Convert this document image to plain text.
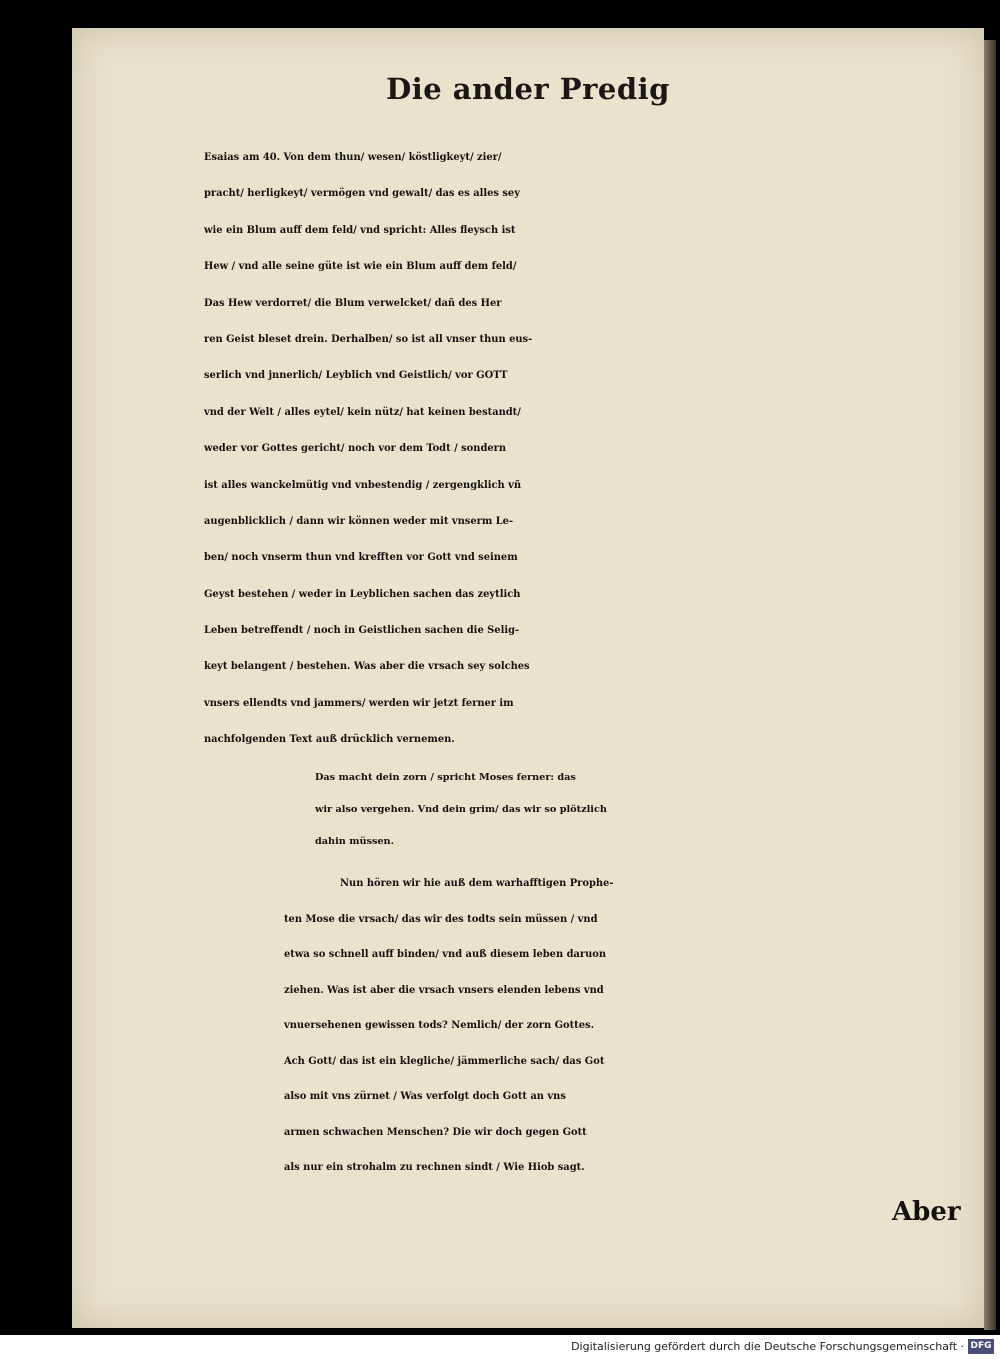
Die ander Predig
Esaias am 40. Von dem thun/ wesen/ köstligkeyt/ zier/
pracht/ herligkeyt/ vermögen vnd gewalt/ das es alles sey
wie ein Blum auff dem feld/ vnd spricht: Alles fleysch ist
Hew / vnd alle seine güte ist wie ein Blum auff dem feld/
Das Hew verdorret/ die Blum verwelcket/ dañ des Her
ren Geist bleset drein. Derhalben/ so ist all vnser thun eus-
serlich vnd jnnerlich/ Leyblich vnd Geistlich/ vor GOTT
vnd der Welt / alles eytel/ kein nütz/ hat keinen bestandt/
weder vor Gottes gericht/ noch vor dem Todt / sondern
ist alles wanckelmütig vnd vnbestendig / zergengklich vñ
augenblicklich / dann wir können weder mit vnserm Le-
ben/ noch vnserm thun vnd krefften vor Gott vnd seinem
Geyst bestehen / weder in Leyblichen sachen das zeytlich
Leben betreffendt / noch in Geistlichen sachen die Selig-
keyt belangent / bestehen. Was aber die vrsach sey solches
vnsers ellendts vnd jammers/ werden wir jetzt ferner im
nachfolgenden Text auß drücklich vernemen.
Das macht dein zorn / spricht Moses ferner: das
wir also vergehen. Vnd dein grim/ das wir so plötzlich
dahin müssen.
Nun hören wir hie auß dem warhafftigen Prophe-
ten Mose die vrsach/ das wir des todts sein müssen / vnd
etwa so schnell auff binden/ vnd auß diesem leben daruon
ziehen. Was ist aber die vrsach vnsers elenden lebens vnd
vnuersehenen gewissen tods? Nemlich/ der zorn Gottes.
Ach Gott/ das ist ein klegliche/ jämmerliche sach/ das Got
also mit vns zürnet / Was verfolgt doch Gott an vns
armen schwachen Menschen? Die wir doch gegen Gott
als nur ein strohalm zu rechnen sindt / Wie Hiob sagt.
Aber
Digitalisierung gefördert durch die Deutsche Forschungsgemeinschaft · DFG
